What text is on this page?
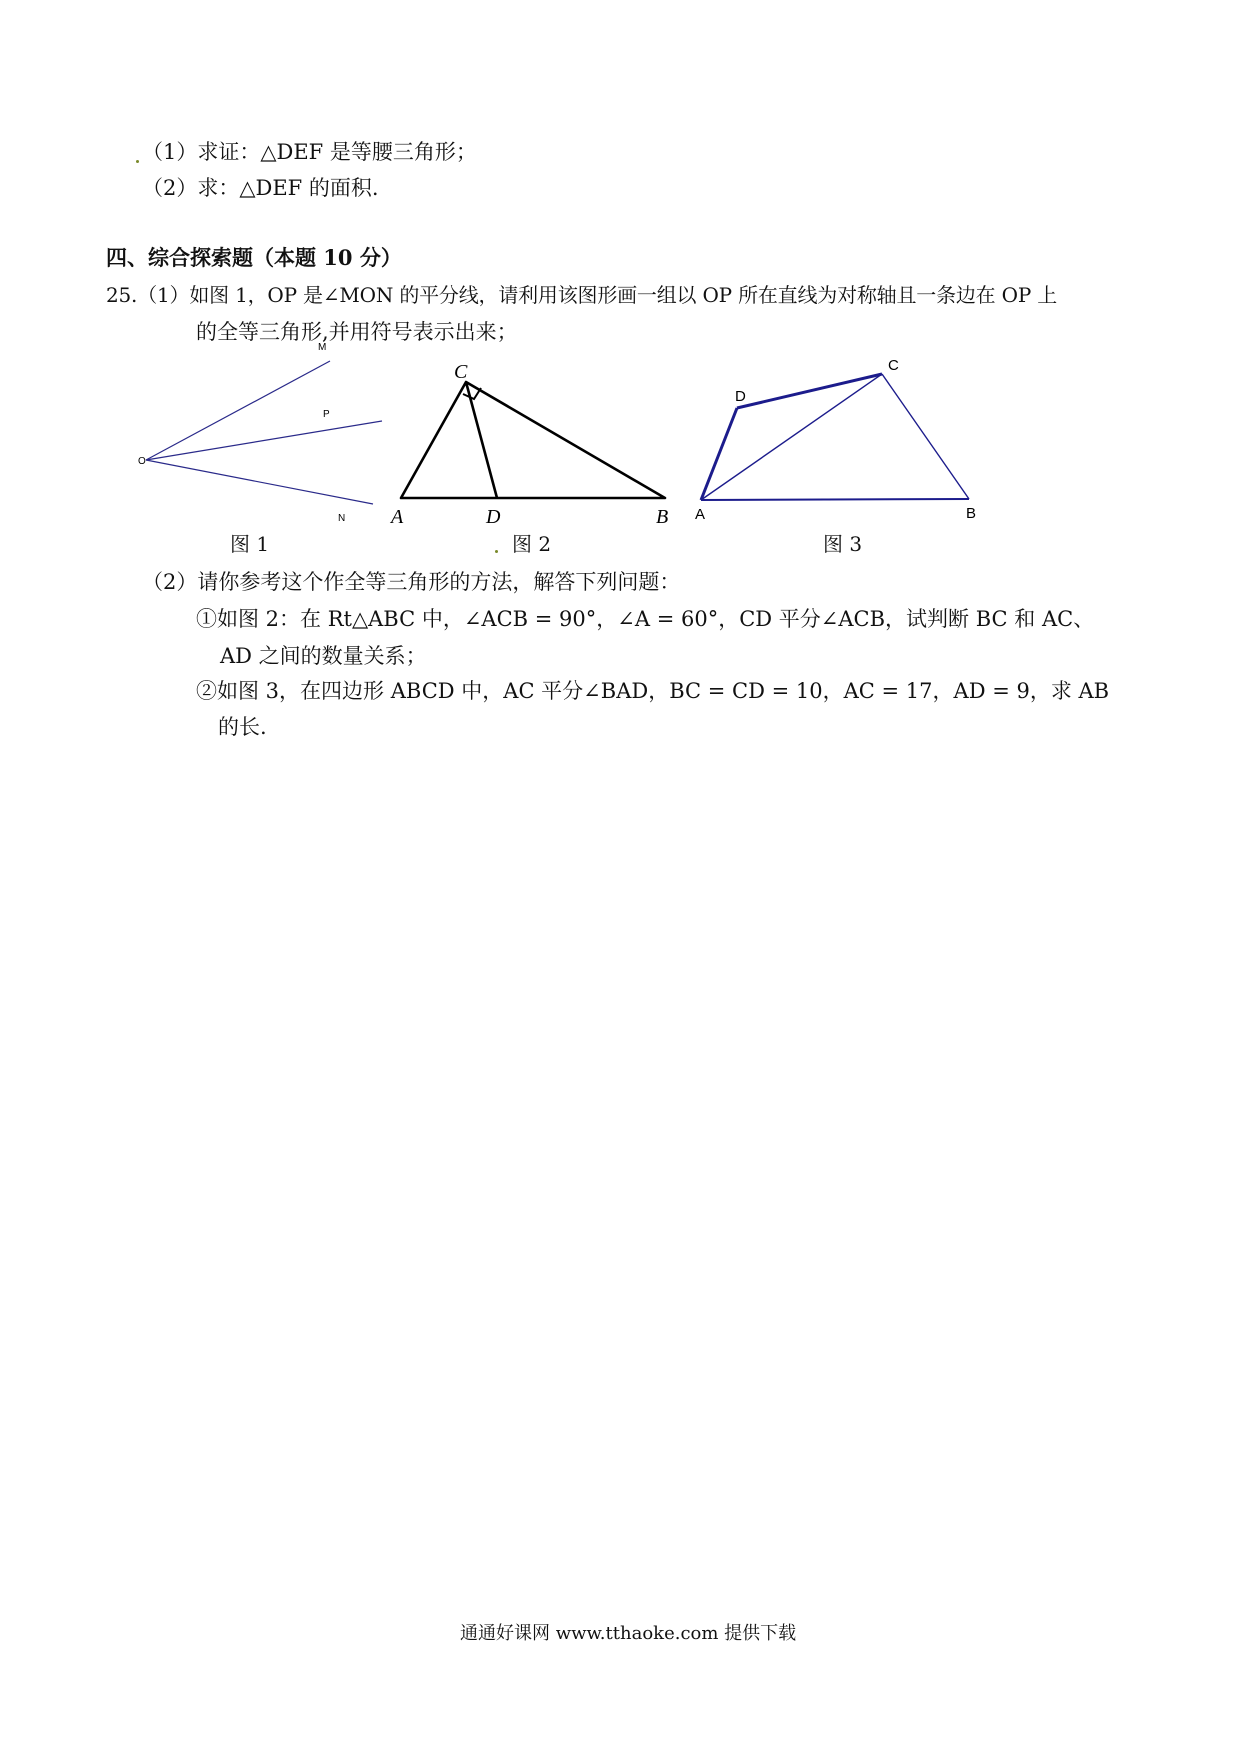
（1）求证：△DEF 是等腰三角形；
（2）求：△DEF 的面积.
四、综合探索题（本题 10 分）
25.（1）如图 1，OP 是∠MON 的平分线，请利用该图形画一组以 OP 所在直线为对称轴且一条边在 OP 上
的全等三角形,并用符号表示出来；
O
M
P
N
图 1
C
A	D	B
图 2
D
C
A	B
图 3
（2）请你参考这个作全等三角形的方法，解答下列问题：
①如图 2：在 Rt△ABC 中，∠ACB = 90°，∠A = 60°，CD 平分∠ACB，试判断 BC 和 AC、
AD 之间的数量关系；
②如图 3，在四边形 ABCD 中，AC 平分∠BAD，BC = CD = 10，AC = 17，AD = 9，求 AB
的长.
通通好课网 www.tthaoke.com 提供下载
